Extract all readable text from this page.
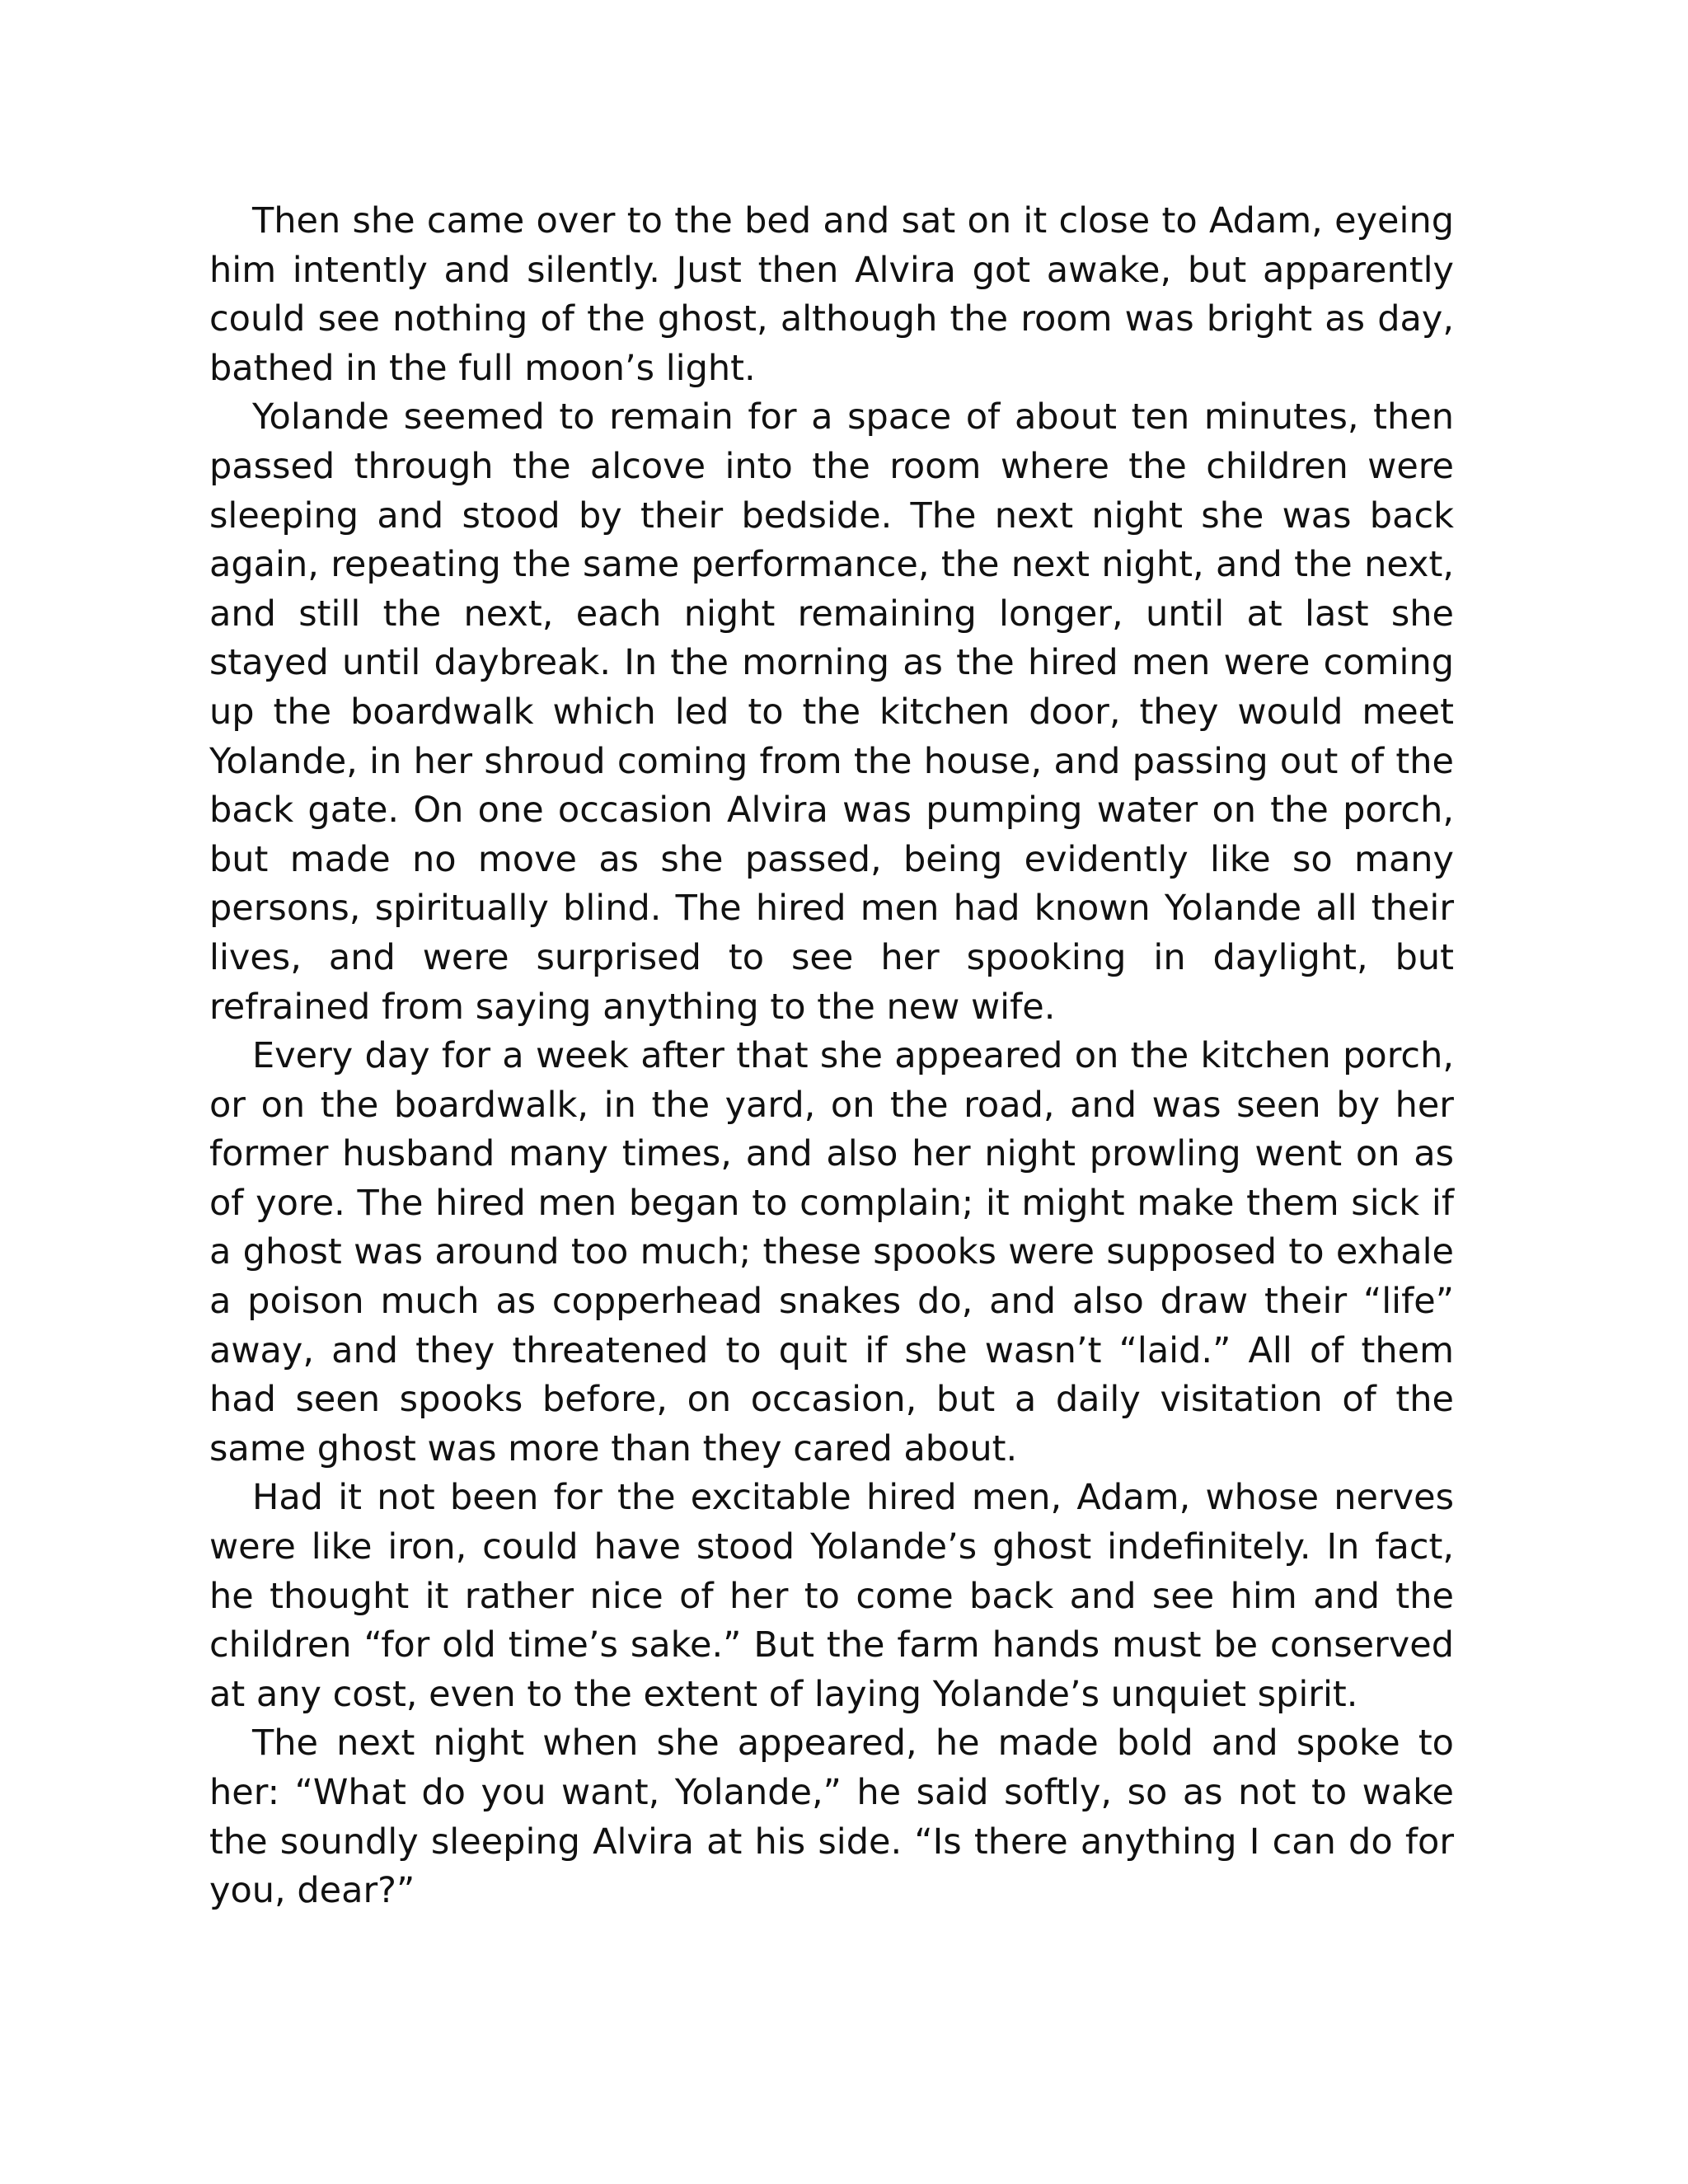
Then she came over to the bed and sat on it close to Adam, eyeing him intently and silently. Just then Alvira got awake, but apparently could see nothing of the ghost, although the room was bright as day, bathed in the full moon’s light.

Yolande seemed to remain for a space of about ten minutes, then passed through the alcove into the room where the children were sleeping and stood by their bedside. The next night she was back again, repeating the same performance, the next night, and the next, and still the next, each night remaining longer, until at last she stayed until daybreak. In the morning as the hired men were coming up the boardwalk which led to the kitchen door, they would meet Yolande, in her shroud coming from the house, and passing out of the back gate. On one occasion Alvira was pumping water on the porch, but made no move as she passed, being evidently like so many persons, spiritually blind. The hired men had known Yolande all their lives, and were surprised to see her spooking in daylight, but refrained from saying anything to the new wife.

Every day for a week after that she appeared on the kitchen porch, or on the boardwalk, in the yard, on the road, and was seen by her former husband many times, and also her night prowling went on as of yore. The hired men began to complain; it might make them sick if a ghost was around too much; these spooks were supposed to exhale a poison much as copperhead snakes do, and also draw their “life” away, and they threatened to quit if she wasn’t “laid.” All of them had seen spooks before, on occasion, but a daily visitation of the same ghost was more than they cared about.

Had it not been for the excitable hired men, Adam, whose nerves were like iron, could have stood Yolande’s ghost indefinitely. In fact, he thought it rather nice of her to come back and see him and the children “for old time’s sake.” But the farm hands must be conserved at any cost, even to the extent of laying Yolande’s unquiet spirit.

The next night when she appeared, he made bold and spoke to her: “What do you want, Yolande,” he said softly, so as not to wake the soundly sleeping Alvira at his side. “Is there anything I can do for you, dear?”
